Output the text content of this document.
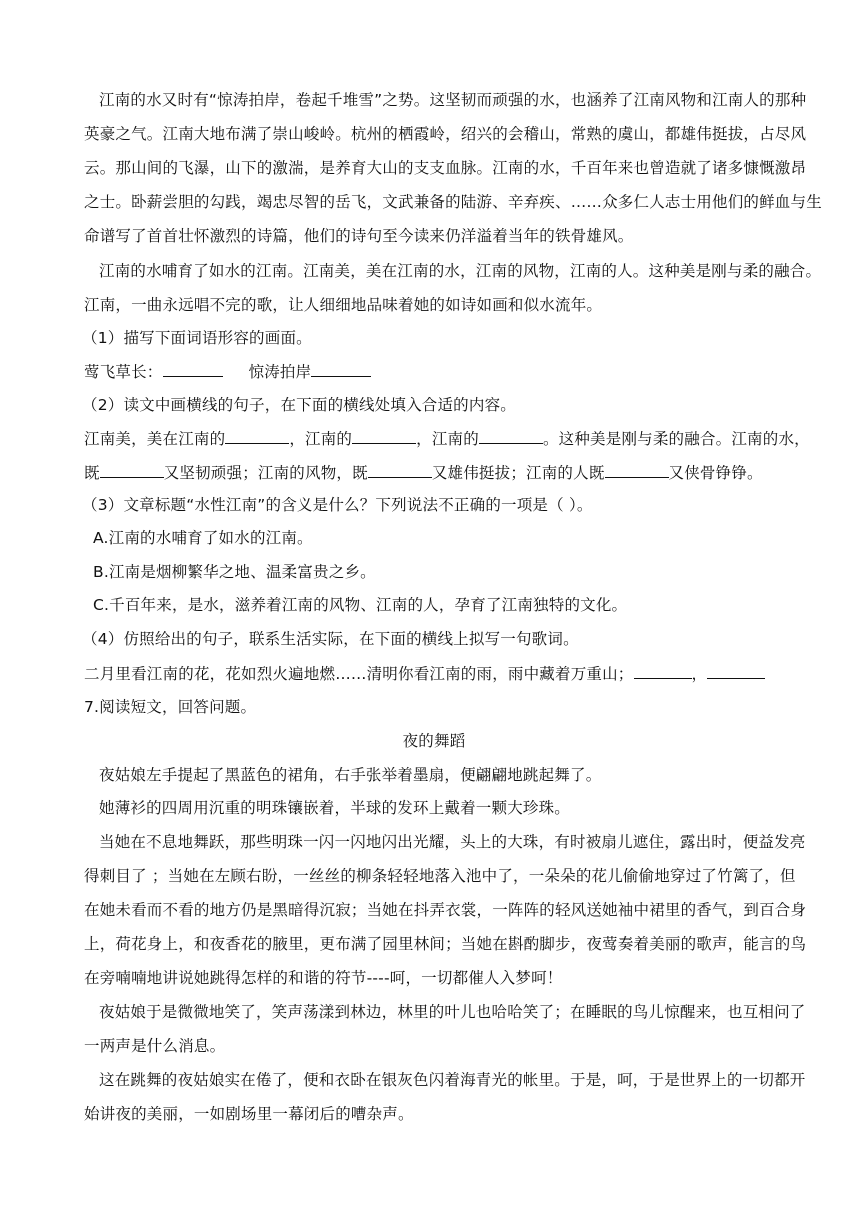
江南的水又时有“惊涛拍岸，卷起千堆雪”之势。这坚韧而顽强的水，也涵养了江南风物和江南人的那种
英豪之气。江南大地布满了崇山峻岭。杭州的栖霞岭，绍兴的会稽山，常熟的虞山，都雄伟挺拔，占尽风
云。那山间的飞瀑，山下的激湍，是养育大山的支支血脉。江南的水，千百年来也曾造就了诸多慷慨激昂
之士。卧薪尝胆的勾践，竭忠尽智的岳飞，文武兼备的陆游、辛弃疾、……众多仁人志士用他们的鲜血与生
命谱写了首首壮怀激烈的诗篇，他们的诗句至今读来仍洋溢着当年的铁骨雄风。
江南的水哺育了如水的江南。江南美，美在江南的水，江南的风物，江南的人。这种美是刚与柔的融合。
江南，一曲永远唱不完的歌，让人细细地品味着她的如诗如画和似水流年。
（1）描写下面词语形容的画面。
莺飞草长：	惊涛拍岸
（2）读文中画横线的句子，在下面的横线处填入合适的内容。
江南美，美在江南的	，江南的	，江南的	。这种美是刚与柔的融合。江南的水，
既	又坚韧顽强；江南的风物，既	又雄伟挺拔；江南的人既	又侠骨铮铮。
（3）文章标题“水性江南”的含义是什么？下列说法不正确的一项是（ ）。
A.江南的水哺育了如水的江南。
B.江南是烟柳繁华之地、温柔富贵之乡。
C.千百年来，是水，滋养着江南的风物、江南的人，孕育了江南独特的文化。
（4）仿照给出的句子，联系生活实际，在下面的横线上拟写一句歌词。
二月里看江南的花，花如烈火遍地燃……清明你看江南的雨，雨中藏着万重山；	，
7.阅读短文，回答问题。
夜的舞蹈
夜姑娘左手提起了黑蓝色的裙角，右手张举着墨扇，便翩翩地跳起舞了。
她薄衫的四周用沉重的明珠镶嵌着，半球的发环上戴着一颗大珍珠。
当她在不息地舞跃，那些明珠一闪一闪地闪出光耀，头上的大珠，有时被扇儿遮住，露出时，便益发亮
得刺目了 ；当她在左顾右盼，一丝丝的柳条轻轻地落入池中了，一朵朵的花儿偷偷地穿过了竹篱了，但
在她未看而不看的地方仍是黑暗得沉寂；当她在抖弄衣裳，一阵阵的轻风送她袖中裙里的香气，到百合身
上，荷花身上，和夜香花的腋里，更布满了园里林间；当她在斟酌脚步，夜莺奏着美丽的歌声，能言的鸟
在旁喃喃地讲说她跳得怎样的和谐的符节----呵，一切都催人入梦呵！
夜姑娘于是微微地笑了，笑声荡漾到林边，林里的叶儿也哈哈笑了；在睡眠的鸟儿惊醒来，也互相问了
一两声是什么消息。
这在跳舞的夜姑娘实在倦了，便和衣卧在银灰色闪着海青光的帐里。于是，呵，于是世界上的一切都开
始讲夜的美丽，一如剧场里一幕闭后的嘈杂声。
